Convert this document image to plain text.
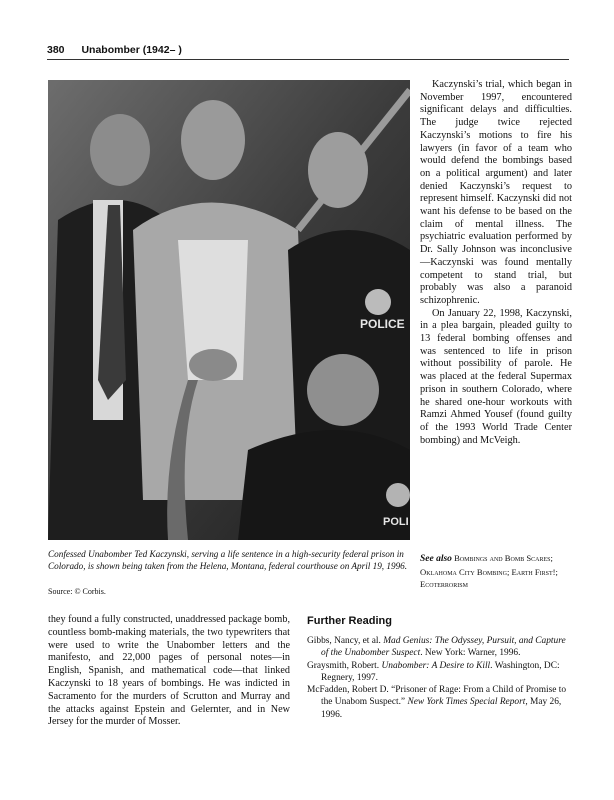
380 Unabomber (1942– )
POLICE
POLI
Confessed Unabomber Ted Kaczynski, serving a life sentence in a high-security federal prison in Colorado, is shown being taken from the Helena, Montana, federal courthouse on April 19, 1996.
Source: © Corbis.

Kaczynski’s trial, which began in November 1997, encountered significant delays and difficulties. The judge twice rejected Kaczynski’s motions to fire his lawyers (in favor of a team who would defend the bombings based on a political argument) and later denied Kaczynski’s request to represent himself. Kaczynski did not want his defense to be based on the claim of mental illness. The psychiatric evaluation performed by Dr. Sally Johnson was inconclusive—Kaczynski was found mentally competent to stand trial, but probably was also a paranoid schizophrenic.

On January 22, 1998, Kaczynski, in a plea bargain, pleaded guilty to 13 federal bombing offenses and was sentenced to life in prison without possibility of parole. He was placed at the federal Supermax prison in southern Colorado, where he shared one-hour workouts with Ramzi Ahmed Yousef (found guilty of the 1993 World Trade Center bombing) and McVeigh.

See also Bombings and Bomb Scares; Oklahoma City Bombing; Earth First!; Ecoterrorism

they found a fully constructed, unaddressed package bomb, countless bomb-making materials, the two typewriters that were used to write the Unabomber letters and the manifesto, and 22,000 pages of personal notes—in English, Spanish, and mathematical code—that linked Kaczynski to 18 years of bombings. He was indicted in Sacramento for the murders of Scrutton and Murray and the attacks against Epstein and Gelernter, and in New Jersey for the murder of Mosser.

Further Reading
Gibbs, Nancy, et al. Mad Genius: The Odyssey, Pursuit, and Capture of the Unabomber Suspect. New York: Warner, 1996.
Graysmith, Robert. Unabomber: A Desire to Kill. Washington, DC: Regnery, 1997.
McFadden, Robert D. “Prisoner of Rage: From a Child of Promise to the Unabom Suspect.” New York Times Special Report, May 26, 1996.
